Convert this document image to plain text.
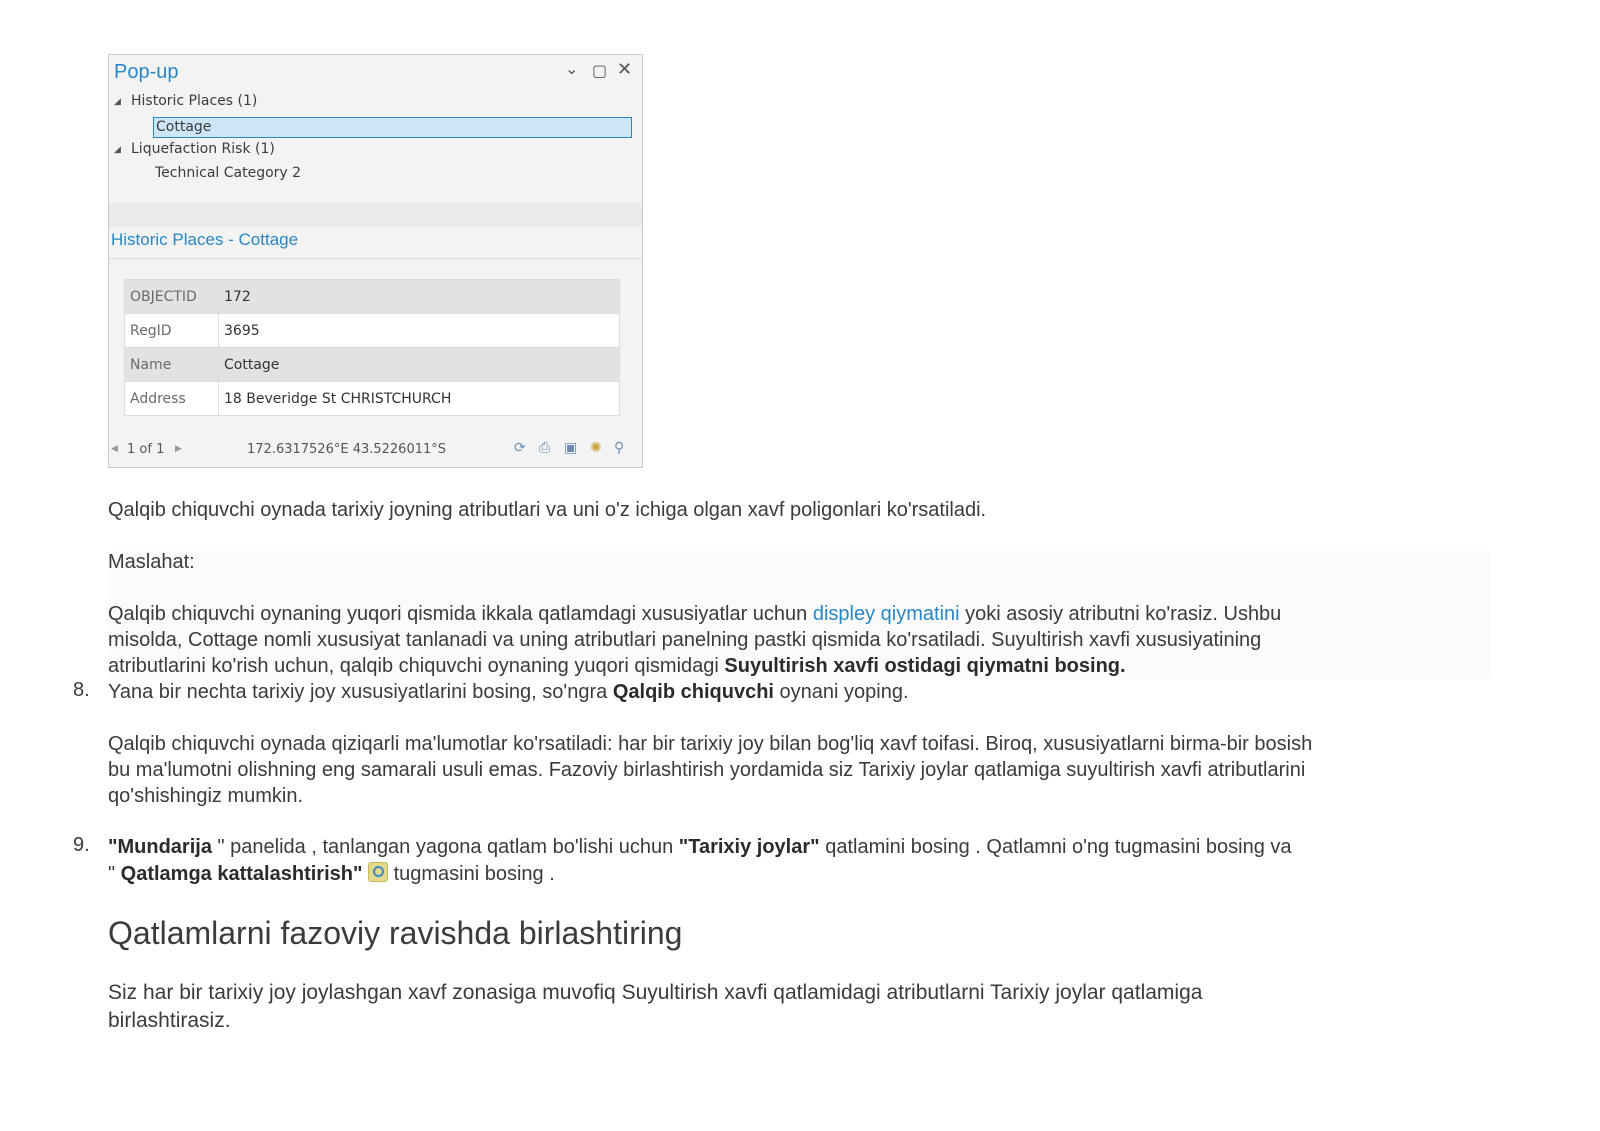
Pop-up	⌄ ▢ ✕
◢ Historic Places (1)
Cottage
◢ Liquefaction Risk (1)
Technical Category 2
Historic Places - Cottage
OBJECTID	172
RegID	3695
Name	Cottage
Address	18 Beveridge St CHRISTCHURCH
◀ 1 of 1 ▶	172.6317526°E 43.5226011°S	⟳ ⎙ ▣ ✺ ⚲
Qalqib chiquvchi oynada tarixiy joyning atributlari va uni o'z ichiga olgan xavf poligonlari ko'rsatiladi.
Maslahat:
Qalqib chiquvchi oynaning yuqori qismida ikkala qatlamdagi xususiyatlar uchun displey qiymatini yoki asosiy atributni ko'rasiz. Ushbu
misolda, Cottage nomli xususiyat tanlanadi va uning atributlari panelning pastki qismida ko'rsatiladi. Suyultirish xavfi xususiyatining
atributlarini ko'rish uchun, qalqib chiquvchi oynaning yuqori qismidagi Suyultirish xavfi ostidagi qiymatni bosing.
8. Yana bir nechta tarixiy joy xususiyatlarini bosing, so'ngra Qalqib chiquvchi oynani yoping.
Qalqib chiquvchi oynada qiziqarli ma'lumotlar ko'rsatiladi: har bir tarixiy joy bilan bog'liq xavf toifasi. Biroq, xususiyatlarni birma-bir bosish
bu ma'lumotni olishning eng samarali usuli emas. Fazoviy birlashtirish yordamida siz Tarixiy joylar qatlamiga suyultirish xavfi atributlarini
qo'shishingiz mumkin.
9. "Mundarija " panelida , tanlangan yagona qatlam bo'lishi uchun "Tarixiy joylar" qatlamini bosing . Qatlamni o'ng tugmasini bosing va
" Qatlamga kattalashtirish"  tugmasini bosing .
Qatlamlarni fazoviy ravishda birlashtiring
Siz har bir tarixiy joy joylashgan xavf zonasiga muvofiq Suyultirish xavfi qatlamidagi atributlarni Tarixiy joylar qatlamiga
birlashtirasiz.
